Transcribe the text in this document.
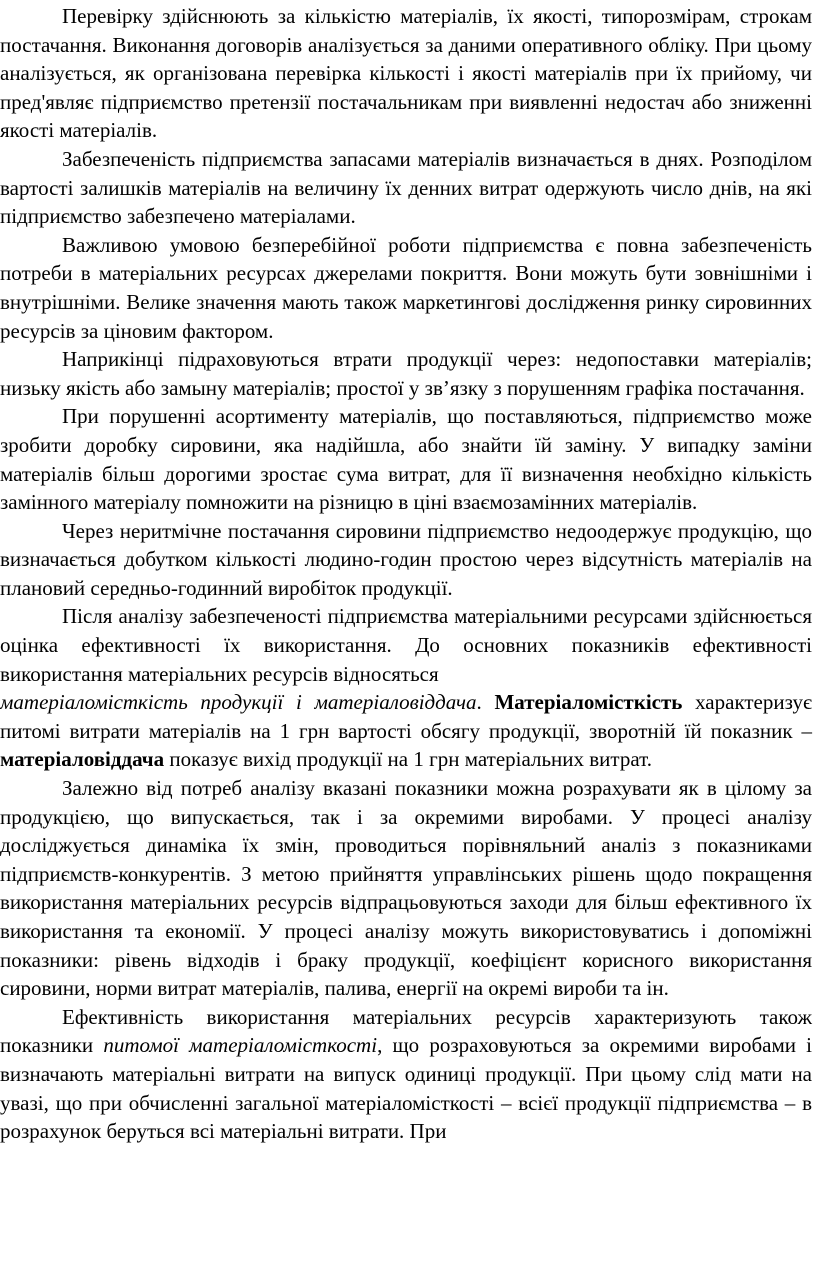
Перевірку здійснюють за кількістю матеріалів, їх якості, типорозмірам, строкам постачання. Виконання договорів аналізується за даними оперативного обліку. При цьому аналізується, як організована перевірка кількості і якості матеріалів при їх прийому, чи пред'являє підприємство претензії постачальникам при виявленні недостач або зниженні якості матеріалів.

Забезпеченість підприємства запасами матеріалів визначається в днях. Розподілом вартості залишків матеріалів на величину їх денних витрат одержують число днів, на які підприємство забезпечено матеріалами.

Важливою умовою безперебійної роботи підприємства є повна забезпеченість потреби в матеріальних ресурсах джерелами покриття. Вони можуть бути зовнішніми і внутрішніми. Велике значення мають також маркетингові дослідження ринку сировинних ресурсів за ціновим фактором.

Наприкінці підраховуються втрати продукції через: недопоставки матеріалів; низьку якість або замыну матеріалів; простої у зв’язку з порушенням графіка постачання.

При порушенні асортименту матеріалів, що поставляються, підприємство може зробити доробку сировини, яка надійшла, або знайти їй заміну. У випадку заміни матеріалів більш дорогими зростає сума витрат, для її визначення необхідно кількість замінного матеріалу помножити на різницю в ціні взаємозамінних матеріалів.

Через неритмічне постачання сировини підприємство недоодержує продукцію, що визначається добутком кількості людино-годин простою через відсутність матеріалів на плановий середньо-годинний виробіток продукції.

Після аналізу забезпеченості підприємства матеріальними ресурсами здійснюється оцінка ефективності їх використання. До основних показників ефективності використання матеріальних ресурсів відносяться

матеріаломісткість продукції і матеріаловіддача. Матеріаломісткість характеризує питомі витрати матеріалів на 1 грн вартості обсягу продукції, зворотній їй показник – матеріаловіддача показує вихід продукції на 1 грн матеріальних витрат.

Залежно від потреб аналізу вказані показники можна розрахувати як в цілому за продукцією, що випускається, так і за окремими виробами. У процесі аналізу досліджується динаміка їх змін, проводиться порівняльний аналіз з показниками підприємств-конкурентів. З метою прийняття управлінських рішень щодо покращення використання матеріальних ресурсів відпрацьовуються заходи для більш ефективного їх використання та економії. У процесі аналізу можуть використовуватись і допоміжні показники: рівень відходів і браку продукції, коефіцієнт корисного використання сировини, норми витрат матеріалів, палива, енергії на окремі вироби та ін.

Ефективність використання матеріальних ресурсів характеризують також показники питомої матеріаломісткості, що розраховуються за окремими виробами і визначають матеріальні витрати на випуск одиниці продукції. При цьому слід мати на увазі, що при обчисленні загальної матеріаломісткості – всієї продукції підприємства – в розрахунок беруться всі матеріальні витрати. При
